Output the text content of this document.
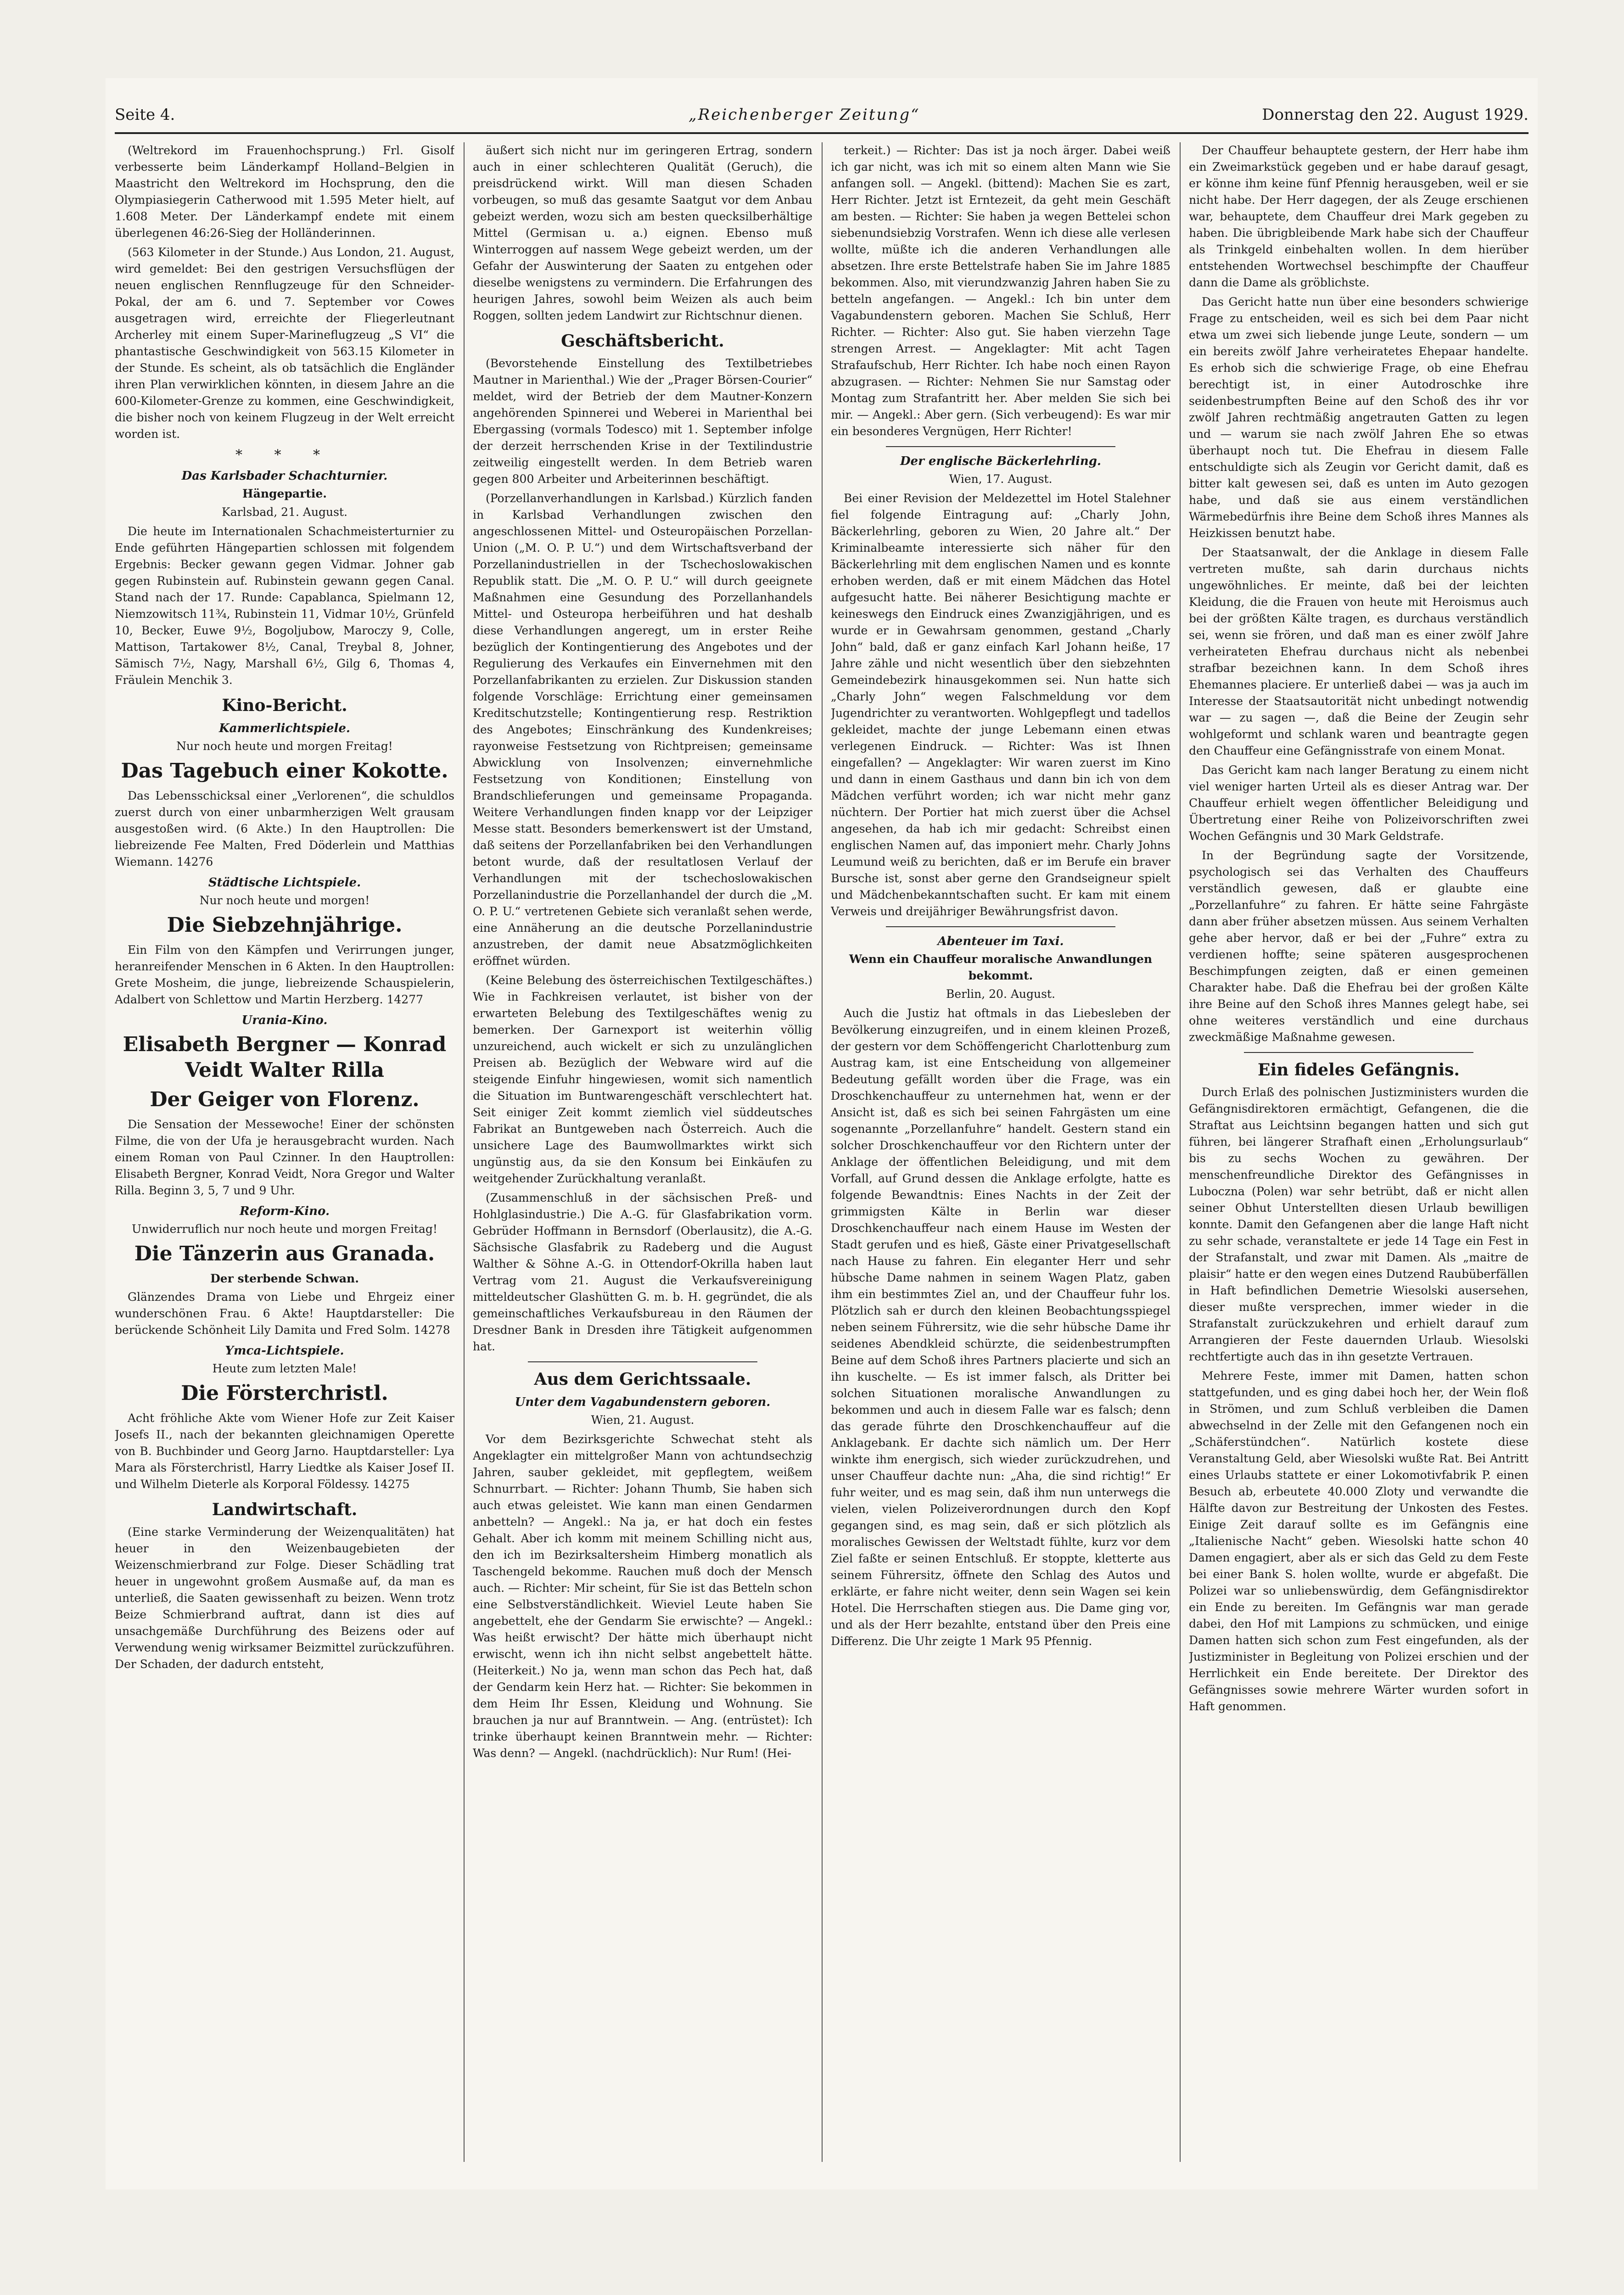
Seite 4.	„Reichenberger Zeitung“	Donnerstag den 22. August 1929.

(Weltrekord im Frauenhochsprung.) Frl. Gisolf verbesserte beim Länderkampf Holland–Belgien in Maastricht den Weltrekord im Hochsprung, den die Olympiasiegerin Catherwood mit 1.595 Meter hielt, auf 1.608 Meter. Der Länderkampf endete mit einem überlegenen 46:26-Sieg der Holländerinnen.

(563 Kilometer in der Stunde.) Aus London, 21. August, wird gemeldet: Bei den gestrigen Versuchsflügen der neuen englischen Rennflugzeuge für den Schneider-Pokal, der am 6. und 7. September vor Cowes ausgetragen wird, erreichte der Fliegerleutnant Archerley mit einem Super-Marineflugzeug „S VI“ die phantastische Geschwindigkeit von 563.15 Kilometer in der Stunde. Es scheint, als ob tatsächlich die Engländer ihren Plan verwirklichen könnten, in diesem Jahre an die 600-Kilometer-Grenze zu kommen, eine Geschwindigkeit, die bisher noch von keinem Flugzeug in der Welt erreicht worden ist.

* * *
Das Karlsbader Schachturnier.
Hängepartie.

Karlsbad, 21. August.

Die heute im Internationalen Schachmeisterturnier zu Ende geführten Hängepartien schlossen mit folgendem Ergebnis: Becker gewann gegen Vidmar. Johner gab gegen Rubinstein auf. Rubinstein gewann gegen Canal. Stand nach der 17. Runde: Capablanca, Spielmann 12, Niemzowitsch 11¾, Rubinstein 11, Vidmar 10½, Grünfeld 10, Becker, Euwe 9½, Bogoljubow, Maroczy 9, Colle, Mattison, Tartakower 8½, Canal, Treybal 8, Johner, Sämisch 7½, Nagy, Marshall 6½, Gilg 6, Thomas 4, Fräulein Menchik 3.

Kino-Bericht.
Kammerlichtspiele.

Nur noch heute und morgen Freitag!

Das Tagebuch einer Kokotte.

Das Lebensschicksal einer „Verlorenen“, die schuldlos zuerst durch von einer unbarmherzigen Welt grausam ausgestoßen wird. (6 Akte.) In den Hauptrollen: Die liebreizende Fee Malten, Fred Döderlein und Matthias Wiemann. 14276

Städtische Lichtspiele.

Nur noch heute und morgen!

Die Siebzehnjährige.

Ein Film von den Kämpfen und Verirrungen junger, heranreifender Menschen in 6 Akten. In den Hauptrollen: Grete Mosheim, die junge, liebreizende Schauspielerin, Adalbert von Schlettow und Martin Herzberg. 14277

Urania-Kino.
Elisabeth Bergner — Konrad Veidt Walter Rilla
Der Geiger von Florenz.

Die Sensation der Messewoche! Einer der schönsten Filme, die von der Ufa je herausgebracht wurden. Nach einem Roman von Paul Czinner. In den Hauptrollen: Elisabeth Bergner, Konrad Veidt, Nora Gregor und Walter Rilla. Beginn 3, 5, 7 und 9 Uhr.

Reform-Kino.

Unwiderruflich nur noch heute und morgen Freitag!

Die Tänzerin aus Granada.
Der sterbende Schwan.

Glänzendes Drama von Liebe und Ehrgeiz einer wunderschönen Frau. 6 Akte! Hauptdarsteller: Die berückende Schönheit Lily Damita und Fred Solm. 14278

Ymca-Lichtspiele.

Heute zum letzten Male!

Die Försterchristl.

Acht fröhliche Akte vom Wiener Hofe zur Zeit Kaiser Josefs II., nach der bekannten gleichnamigen Operette von B. Buchbinder und Georg Jarno. Hauptdarsteller: Lya Mara als Försterchristl, Harry Liedtke als Kaiser Josef II. und Wilhelm Dieterle als Korporal Földessy. 14275

Landwirtschaft.

(Eine starke Verminderung der Weizenqualitäten) hat heuer in den Weizenbaugebieten der Weizenschmierbrand zur Folge. Dieser Schädling trat heuer in ungewohnt großem Ausmaße auf, da man es unterließ, die Saaten gewissenhaft zu beizen. Wenn trotz Beize Schmierbrand auftrat, dann ist dies auf unsachgemäße Durchführung des Beizens oder auf Verwendung wenig wirksamer Beizmittel zurückzuführen. Der Schaden, der dadurch entsteht,

äußert sich nicht nur im geringeren Ertrag, sondern auch in einer schlechteren Qualität (Geruch), die preisdrückend wirkt. Will man diesen Schaden vorbeugen, so muß das gesamte Saatgut vor dem Anbau gebeizt werden, wozu sich am besten quecksilberhältige Mittel (Germisan u. a.) eignen. Ebenso muß Winterroggen auf nassem Wege gebeizt werden, um der Gefahr der Auswinterung der Saaten zu entgehen oder dieselbe wenigstens zu vermindern. Die Erfahrungen des heurigen Jahres, sowohl beim Weizen als auch beim Roggen, sollten jedem Landwirt zur Richtschnur dienen.

Geschäftsbericht.

(Bevorstehende Einstellung des Textilbetriebes Mautner in Marienthal.) Wie der „Prager Börsen-Courier“ meldet, wird der Betrieb der dem Mautner-Konzern angehörenden Spinnerei und Weberei in Marienthal bei Ebergassing (vormals Todesco) mit 1. September infolge der derzeit herrschenden Krise in der Textilindustrie zeitweilig eingestellt werden. In dem Betrieb waren gegen 800 Arbeiter und Arbeiterinnen beschäftigt.

(Porzellanverhandlungen in Karlsbad.) Kürzlich fanden in Karlsbad Verhandlungen zwischen den angeschlossenen Mittel- und Osteuropäischen Porzellan-Union („M. O. P. U.“) und dem Wirtschaftsverband der Porzellanindustriellen in der Tschechoslowakischen Republik statt. Die „M. O. P. U.“ will durch geeignete Maßnahmen eine Gesundung des Porzellanhandels Mittel- und Osteuropa herbeiführen und hat deshalb diese Verhandlungen angeregt, um in erster Reihe bezüglich der Kontingentierung des Angebotes und der Regulierung des Verkaufes ein Einvernehmen mit den Porzellanfabrikanten zu erzielen. Zur Diskussion standen folgende Vorschläge: Errichtung einer gemeinsamen Kreditschutzstelle; Kontingentierung resp. Restriktion des Angebotes; Einschränkung des Kundenkreises; rayonweise Festsetzung von Richtpreisen; gemeinsame Abwicklung von Insolvenzen; einvernehmliche Festsetzung von Konditionen; Einstellung von Brandschlieferungen und gemeinsame Propaganda. Weitere Verhandlungen finden knapp vor der Leipziger Messe statt. Besonders bemerkenswert ist der Umstand, daß seitens der Porzellanfabriken bei den Verhandlungen betont wurde, daß der resultatlosen Verlauf der Verhandlungen mit der tschechoslowakischen Porzellanindustrie die Porzellanhandel der durch die „M. O. P. U.“ vertretenen Gebiete sich veranlaßt sehen werde, eine Annäherung an die deutsche Porzellanindustrie anzustreben, der damit neue Absatzmöglichkeiten eröffnet würden.

(Keine Belebung des österreichischen Textilgeschäftes.) Wie in Fachkreisen verlautet, ist bisher von der erwarteten Belebung des Textilgeschäftes wenig zu bemerken. Der Garnexport ist weiterhin völlig unzureichend, auch wickelt er sich zu unzulänglichen Preisen ab. Bezüglich der Webware wird auf die steigende Einfuhr hingewiesen, womit sich namentlich die Situation im Buntwarengeschäft verschlechtert hat. Seit einiger Zeit kommt ziemlich viel süddeutsches Fabrikat an Buntgeweben nach Österreich. Auch die unsichere Lage des Baumwollmarktes wirkt sich ungünstig aus, da sie den Konsum bei Einkäufen zu weitgehender Zurückhaltung veranlaßt.

(Zusammenschluß in der sächsischen Preß- und Hohlglasindustrie.) Die A.-G. für Glasfabrikation vorm. Gebrüder Hoffmann in Bernsdorf (Oberlausitz), die A.-G. Sächsische Glasfabrik zu Radeberg und die August Walther & Söhne A.-G. in Ottendorf-Okrilla haben laut Vertrag vom 21. August die Verkaufsvereinigung mitteldeutscher Glashütten G. m. b. H. gegründet, die als gemeinschaftliches Verkaufsbureau in den Räumen der Dresdner Bank in Dresden ihre Tätigkeit aufgenommen hat.

Aus dem Gerichtssaale.
Unter dem Vagabundenstern geboren.

Wien, 21. August.

Vor dem Bezirksgerichte Schwechat steht als Angeklagter ein mittelgroßer Mann von achtundsechzig Jahren, sauber gekleidet, mit gepflegtem, weißem Schnurrbart. — Richter: Johann Thumb, Sie haben sich auch etwas geleistet. Wie kann man einen Gendarmen anbetteln? — Angekl.: Na ja, er hat doch ein festes Gehalt. Aber ich komm mit meinem Schilling nicht aus, den ich im Bezirksaltersheim Himberg monatlich als Taschengeld bekomme. Rauchen muß doch der Mensch auch. — Richter: Mir scheint, für Sie ist das Betteln schon eine Selbstverständlichkeit. Wieviel Leute haben Sie angebettelt, ehe der Gendarm Sie erwischte? — Angekl.: Was heißt erwischt? Der hätte mich überhaupt nicht erwischt, wenn ich ihn nicht selbst angebettelt hätte. (Heiterkeit.) No ja, wenn man schon das Pech hat, daß der Gendarm kein Herz hat. — Richter: Sie bekommen in dem Heim Ihr Essen, Kleidung und Wohnung. Sie brauchen ja nur auf Branntwein. — Ang. (entrüstet): Ich trinke überhaupt keinen Branntwein mehr. — Richter: Was denn? — Angekl. (nachdrücklich): Nur Rum! (Hei-

terkeit.) — Richter: Das ist ja noch ärger. Dabei weiß ich gar nicht, was ich mit so einem alten Mann wie Sie anfangen soll. — Angekl. (bittend): Machen Sie es zart, Herr Richter. Jetzt ist Erntezeit, da geht mein Geschäft am besten. — Richter: Sie haben ja wegen Bettelei schon siebenundsiebzig Vorstrafen. Wenn ich diese alle verlesen wollte, müßte ich die anderen Verhandlungen alle absetzen. Ihre erste Bettelstrafe haben Sie im Jahre 1885 bekommen. Also, mit vierundzwanzig Jahren haben Sie zu betteln angefangen. — Angekl.: Ich bin unter dem Vagabundenstern geboren. Machen Sie Schluß, Herr Richter. — Richter: Also gut. Sie haben vierzehn Tage strengen Arrest. — Angeklagter: Mit acht Tagen Strafaufschub, Herr Richter. Ich habe noch einen Rayon abzugrasen. — Richter: Nehmen Sie nur Samstag oder Montag zum Strafantritt her. Aber melden Sie sich bei mir. — Angekl.: Aber gern. (Sich verbeugend): Es war mir ein besonderes Vergnügen, Herr Richter!

Der englische Bäckerlehrling.

Wien, 17. August.

Bei einer Revision der Meldezettel im Hotel Stalehner fiel folgende Eintragung auf: „Charly John, Bäckerlehrling, geboren zu Wien, 20 Jahre alt.“ Der Kriminalbeamte interessierte sich näher für den Bäckerlehrling mit dem englischen Namen und es konnte erhoben werden, daß er mit einem Mädchen das Hotel aufgesucht hatte. Bei näherer Besichtigung machte er keineswegs den Eindruck eines Zwanzigjährigen, und es wurde er in Gewahrsam genommen, gestand „Charly John“ bald, daß er ganz einfach Karl Johann heiße, 17 Jahre zähle und nicht wesentlich über den siebzehnten Gemeindebezirk hinausgekommen sei. Nun hatte sich „Charly John“ wegen Falschmeldung vor dem Jugendrichter zu verantworten. Wohlgepflegt und tadellos gekleidet, machte der junge Lebemann einen etwas verlegenen Eindruck. — Richter: Was ist Ihnen eingefallen? — Angeklagter: Wir waren zuerst im Kino und dann in einem Gasthaus und dann bin ich von dem Mädchen verführt worden; ich war nicht mehr ganz nüchtern. Der Portier hat mich zuerst über die Achsel angesehen, da hab ich mir gedacht: Schreibst einen englischen Namen auf, das imponiert mehr. Charly Johns Leumund weiß zu berichten, daß er im Berufe ein braver Bursche ist, sonst aber gerne den Grandseigneur spielt und Mädchenbekanntschaften sucht. Er kam mit einem Verweis und dreijähriger Bewährungsfrist davon.

Abenteuer im Taxi.
Wenn ein Chauffeur moralische Anwandlungen bekommt.

Berlin, 20. August.

Auch die Justiz hat oftmals in das Liebesleben der Bevölkerung einzugreifen, und in einem kleinen Prozeß, der gestern vor dem Schöffengericht Charlottenburg zum Austrag kam, ist eine Entscheidung von allgemeiner Bedeutung gefällt worden über die Frage, was ein Droschkenchauffeur zu unternehmen hat, wenn er der Ansicht ist, daß es sich bei seinen Fahrgästen um eine sogenannte „Porzellanfuhre“ handelt. Gestern stand ein solcher Droschkenchauffeur vor den Richtern unter der Anklage der öffentlichen Beleidigung, und mit dem Vorfall, auf Grund dessen die Anklage erfolgte, hatte es folgende Bewandtnis: Eines Nachts in der Zeit der grimmigsten Kälte in Berlin war dieser Droschkenchauffeur nach einem Hause im Westen der Stadt gerufen und es hieß, Gäste einer Privatgesellschaft nach Hause zu fahren. Ein eleganter Herr und sehr hübsche Dame nahmen in seinem Wagen Platz, gaben ihm ein bestimmtes Ziel an, und der Chauffeur fuhr los. Plötzlich sah er durch den kleinen Beobachtungsspiegel neben seinem Führersitz, wie die sehr hübsche Dame ihr seidenes Abendkleid schürzte, die seidenbestrumpften Beine auf dem Schoß ihres Partners placierte und sich an ihn kuschelte. — Es ist immer falsch, als Dritter bei solchen Situationen moralische Anwandlungen zu bekommen und auch in diesem Falle war es falsch; denn das gerade führte den Droschkenchauffeur auf die Anklagebank. Er dachte sich nämlich um. Der Herr winkte ihm energisch, sich wieder zurückzudrehen, und unser Chauffeur dachte nun: „Aha, die sind richtig!“ Er fuhr weiter, und es mag sein, daß ihm nun unterwegs die vielen, vielen Polizeiverordnungen durch den Kopf gegangen sind, es mag sein, daß er sich plötzlich als moralisches Gewissen der Weltstadt fühlte, kurz vor dem Ziel faßte er seinen Entschluß. Er stoppte, kletterte aus seinem Führersitz, öffnete den Schlag des Autos und erklärte, er fahre nicht weiter, denn sein Wagen sei kein Hotel. Die Herrschaften stiegen aus. Die Dame ging vor, und als der Herr bezahlte, entstand über den Preis eine Differenz. Die Uhr zeigte 1 Mark 95 Pfennig.

Der Chauffeur behauptete gestern, der Herr habe ihm ein Zweimarkstück gegeben und er habe darauf gesagt, er könne ihm keine fünf Pfennig herausgeben, weil er sie nicht habe. Der Herr dagegen, der als Zeuge erschienen war, behauptete, dem Chauffeur drei Mark gegeben zu haben. Die übrigbleibende Mark habe sich der Chauffeur als Trinkgeld einbehalten wollen. In dem hierüber entstehenden Wortwechsel beschimpfte der Chauffeur dann die Dame als gröblichste.

Das Gericht hatte nun über eine besonders schwierige Frage zu entscheiden, weil es sich bei dem Paar nicht etwa um zwei sich liebende junge Leute, sondern — um ein bereits zwölf Jahre verheiratetes Ehepaar handelte. Es erhob sich die schwierige Frage, ob eine Ehefrau berechtigt ist, in einer Autodroschke ihre seidenbestrumpften Beine auf den Schoß des ihr vor zwölf Jahren rechtmäßig angetrauten Gatten zu legen und — warum sie nach zwölf Jahren Ehe so etwas überhaupt noch tut. Die Ehefrau in diesem Falle entschuldigte sich als Zeugin vor Gericht damit, daß es bitter kalt gewesen sei, daß es unten im Auto gezogen habe, und daß sie aus einem verständlichen Wärmebedürfnis ihre Beine dem Schoß ihres Mannes als Heizkissen benutzt habe.

Der Staatsanwalt, der die Anklage in diesem Falle vertreten mußte, sah darin durchaus nichts ungewöhnliches. Er meinte, daß bei der leichten Kleidung, die die Frauen von heute mit Heroismus auch bei der größten Kälte tragen, es durchaus verständlich sei, wenn sie frören, und daß man es einer zwölf Jahre verheirateten Ehefrau durchaus nicht als nebenbei strafbar bezeichnen kann. In dem Schoß ihres Ehemannes placiere. Er unterließ dabei — was ja auch im Interesse der Staatsautorität nicht unbedingt notwendig war — zu sagen —, daß die Beine der Zeugin sehr wohlgeformt und schlank waren und beantragte gegen den Chauffeur eine Gefängnisstrafe von einem Monat.

Das Gericht kam nach langer Beratung zu einem nicht viel weniger harten Urteil als es dieser Antrag war. Der Chauffeur erhielt wegen öffentlicher Beleidigung und Übertretung einer Reihe von Polizeivorschriften zwei Wochen Gefängnis und 30 Mark Geldstrafe.

In der Begründung sagte der Vorsitzende, psychologisch sei das Verhalten des Chauffeurs verständlich gewesen, daß er glaubte eine „Porzellanfuhre“ zu fahren. Er hätte seine Fahrgäste dann aber früher absetzen müssen. Aus seinem Verhalten gehe aber hervor, daß er bei der „Fuhre“ extra zu verdienen hoffte; seine späteren ausgesprochenen Beschimpfungen zeigten, daß er einen gemeinen Charakter habe. Daß die Ehefrau bei der großen Kälte ihre Beine auf den Schoß ihres Mannes gelegt habe, sei ohne weiteres verständlich und eine durchaus zweckmäßige Maßnahme gewesen.

Ein fideles Gefängnis.

Durch Erlaß des polnischen Justizministers wurden die Gefängnisdirektoren ermächtigt, Gefangenen, die die Straftat aus Leichtsinn begangen hatten und sich gut führen, bei längerer Strafhaft einen „Erholungsurlaub“ bis zu sechs Wochen zu gewähren. Der menschenfreundliche Direktor des Gefängnisses in Luboczna (Polen) war sehr betrübt, daß er nicht allen seiner Obhut Unterstellten diesen Urlaub bewilligen konnte. Damit den Gefangenen aber die lange Haft nicht zu sehr schade, veranstaltete er jede 14 Tage ein Fest in der Strafanstalt, und zwar mit Damen. Als „maitre de plaisir“ hatte er den wegen eines Dutzend Raubüberfällen in Haft befindlichen Demetrie Wiesolski ausersehen, dieser mußte versprechen, immer wieder in die Strafanstalt zurückzukehren und erhielt darauf zum Arrangieren der Feste dauernden Urlaub. Wiesolski rechtfertigte auch das in ihn gesetzte Vertrauen.

Mehrere Feste, immer mit Damen, hatten schon stattgefunden, und es ging dabei hoch her, der Wein floß in Strömen, und zum Schluß verbleiben die Damen abwechselnd in der Zelle mit den Gefangenen noch ein „Schäferstündchen“. Natürlich kostete diese Veranstaltung Geld, aber Wiesolski wußte Rat. Bei Antritt eines Urlaubs stattete er einer Lokomotivfabrik P. einen Besuch ab, erbeutete 40.000 Zloty und verwandte die Hälfte davon zur Bestreitung der Unkosten des Festes. Einige Zeit darauf sollte es im Gefängnis eine „Italienische Nacht“ geben. Wiesolski hatte schon 40 Damen engagiert, aber als er sich das Geld zu dem Feste bei einer Bank S. holen wollte, wurde er abgefaßt. Die Polizei war so unliebenswürdig, dem Gefängnisdirektor ein Ende zu bereiten. Im Gefängnis war man gerade dabei, den Hof mit Lampions zu schmücken, und einige Damen hatten sich schon zum Fest eingefunden, als der Justizminister in Begleitung von Polizei erschien und der Herrlichkeit ein Ende bereitete. Der Direktor des Gefängnisses sowie mehrere Wärter wurden sofort in Haft genommen.
